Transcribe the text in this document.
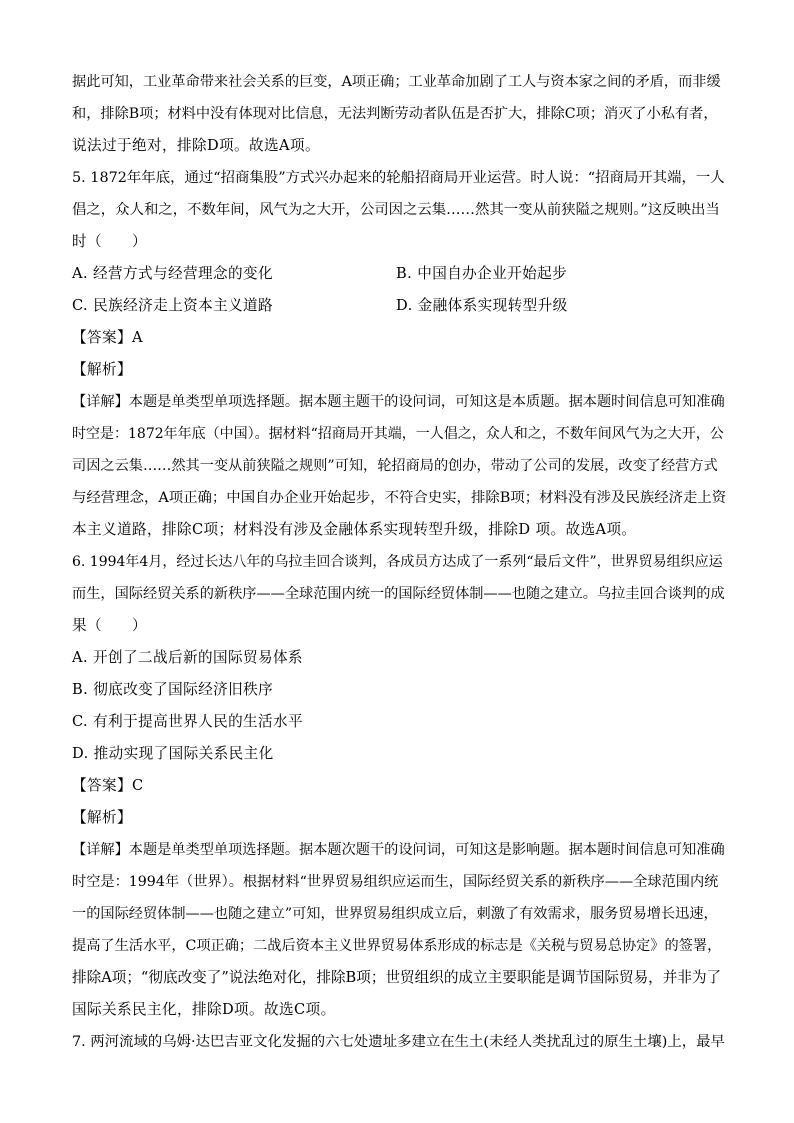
据此可知，工业革命带来社会关系的巨变，A项正确；工业革命加剧了工人与资本家之间的矛盾，而非缓
和，排除B项；材料中没有体现对比信息，无法判断劳动者队伍是否扩大，排除C项；消灭了小私有者，
说法过于绝对，排除D项。故选A项。
5. 1872年年底，通过“招商集股”方式兴办起来的轮船招商局开业运营。时人说：“招商局开其端，一人
倡之，众人和之，不数年间，风气为之大开，公司因之云集……然其一变从前狭隘之规则。”这反映出当
时（　　）
A. 经营方式与经营理念的变化	B. 中国自办企业开始起步
C. 民族经济走上资本主义道路	D. 金融体系实现转型升级
【答案】A
【解析】
【详解】本题是单类型单项选择题。据本题主题干的设问词，可知这是本质题。据本题时间信息可知准确
时空是：1872年年底（中国）。据材料“招商局开其端，一人倡之，众人和之，不数年间风气为之大开，公
司因之云集……然其一变从前狭隘之规则”可知，轮招商局的创办，带动了公司的发展，改变了经营方式
与经营理念，A项正确；中国自办企业开始起步，不符合史实，排除B项；材料没有涉及民族经济走上资
本主义道路，排除C项；材料没有涉及金融体系实现转型升级，排除D 项。故选A项。
6. 1994年4月，经过长达八年的乌拉圭回合谈判，各成员方达成了一系列“最后文件”，世界贸易组织应运
而生，国际经贸关系的新秩序——全球范围内统一的国际经贸体制——也随之建立。乌拉圭回合谈判的成
果（　　）
A. 开创了二战后新的国际贸易体系
B. 彻底改变了国际经济旧秩序
C. 有利于提高世界人民的生活水平
D. 推动实现了国际关系民主化
【答案】C
【解析】
【详解】本题是单类型单项选择题。据本题次题干的设问词，可知这是影响题。据本题时间信息可知准确
时空是：1994年（世界）。根据材料“世界贸易组织应运而生，国际经贸关系的新秩序——全球范围内统
一的国际经贸体制——也随之建立”可知，世界贸易组织成立后，刺激了有效需求，服务贸易增长迅速，
提高了生活水平，C项正确；二战后资本主义世界贸易体系形成的标志是《关税与贸易总协定》的签署，
排除A项；“彻底改变了”说法绝对化，排除B项；世贸组织的成立主要职能是调节国际贸易，并非为了
国际关系民主化，排除D项。故选C项。
7. 两河流域的乌姆·达巴吉亚文化发掘的六七处遗址多建立在生土(未经人类扰乱过的原生土壤)上，最早
